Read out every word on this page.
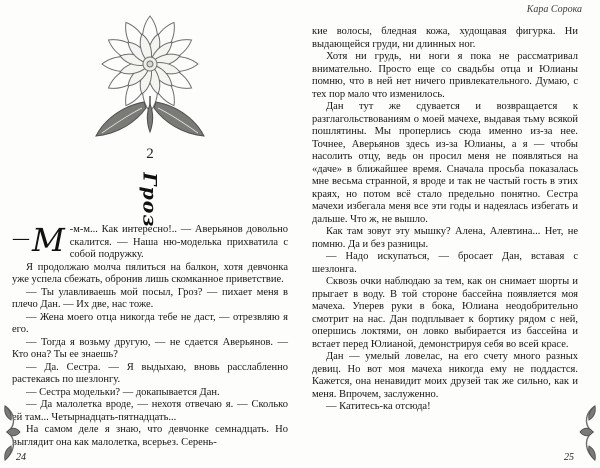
Кара Сорока
2
Гроз

—М -м-м... Как интересно!.. — Аверьянов довольно скалится. — Наша ню-моделька прихватила с собой подружку.

Я продолжаю молча пялиться на балкон, хотя девчонка уже успела сбежать, обронив лишь скомканное приветствие.

— Ты улавливаешь мой посыл, Гроз? — пихает меня в плечо Дан. — Их две, нас тоже.

— Жена моего отца никогда тебе не даст, — отрезвляю я его.

— Тогда я возьму другую, — не сдается Аверьянов. — Кто она? Ты ее знаешь?

— Да. Сестра. — Я выдыхаю, вновь расслабленно растекаясь по шезлонгу.

— Сестра модельки? — докапывается Дан.

— Да малолетка вроде, — нехотя отвечаю я. — Сколько ей там... Четырнадцать-пятнадцать...

На самом деле я знаю, что девчонке семнадцать. Но выглядит она как малолетка, всерьез. Серень-

24

кие волосы, бледная кожа, худощавая фигурка. Ни выдающейся груди, ни длинных ног.

Хотя ни грудь, ни ноги я пока не рассматривал внимательно. Просто еще со свадьбы отца и Юлианы помню, что в ней нет ничего привлекательного. Думаю, с тех пор мало что изменилось.

Дан тут же сдувается и возвращается к разглагольствованиям о моей мачехе, выдавая тьму всякой пошлятины. Мы проперлись сюда именно из-за нее. Точнее, Аверьянов здесь из-за Юлианы, а я — чтобы насолить отцу, ведь он просил меня не появляться на «даче» в ближайшее время. Сначала просьба показалась мне весьма странной, я вроде и так не частый гость в этих краях, но потом всё стало предельно понятно. Сестра мачехи избегала меня все эти годы и надеялась избегать и дальше. Что ж, не вышло.

Как там зовут эту мышку? Алена, Алевтина... Нет, не помню. Да и без разницы.

— Надо искупаться, — бросает Дан, вставая с шезлонга.

Сквозь очки наблюдаю за тем, как он снимает шорты и прыгает в воду. В той стороне бассейна появляется моя мачеха. Уперев руки в бока, Юлиана неодобрительно смотрит на нас. Дан подплывает к бортику рядом с ней, опершись локтями, он ловко выбирается из бассейна и встает перед Юлианой, демонстрируя себя во всей красе.

Дан — умелый ловелас, на его счету много разных девиц. Но вот моя мачеха никогда ему не поддастся. Кажется, она ненавидит моих друзей так же сильно, как и меня. Впрочем, заслуженно.

— Катитесь-ка отсюда!

25
